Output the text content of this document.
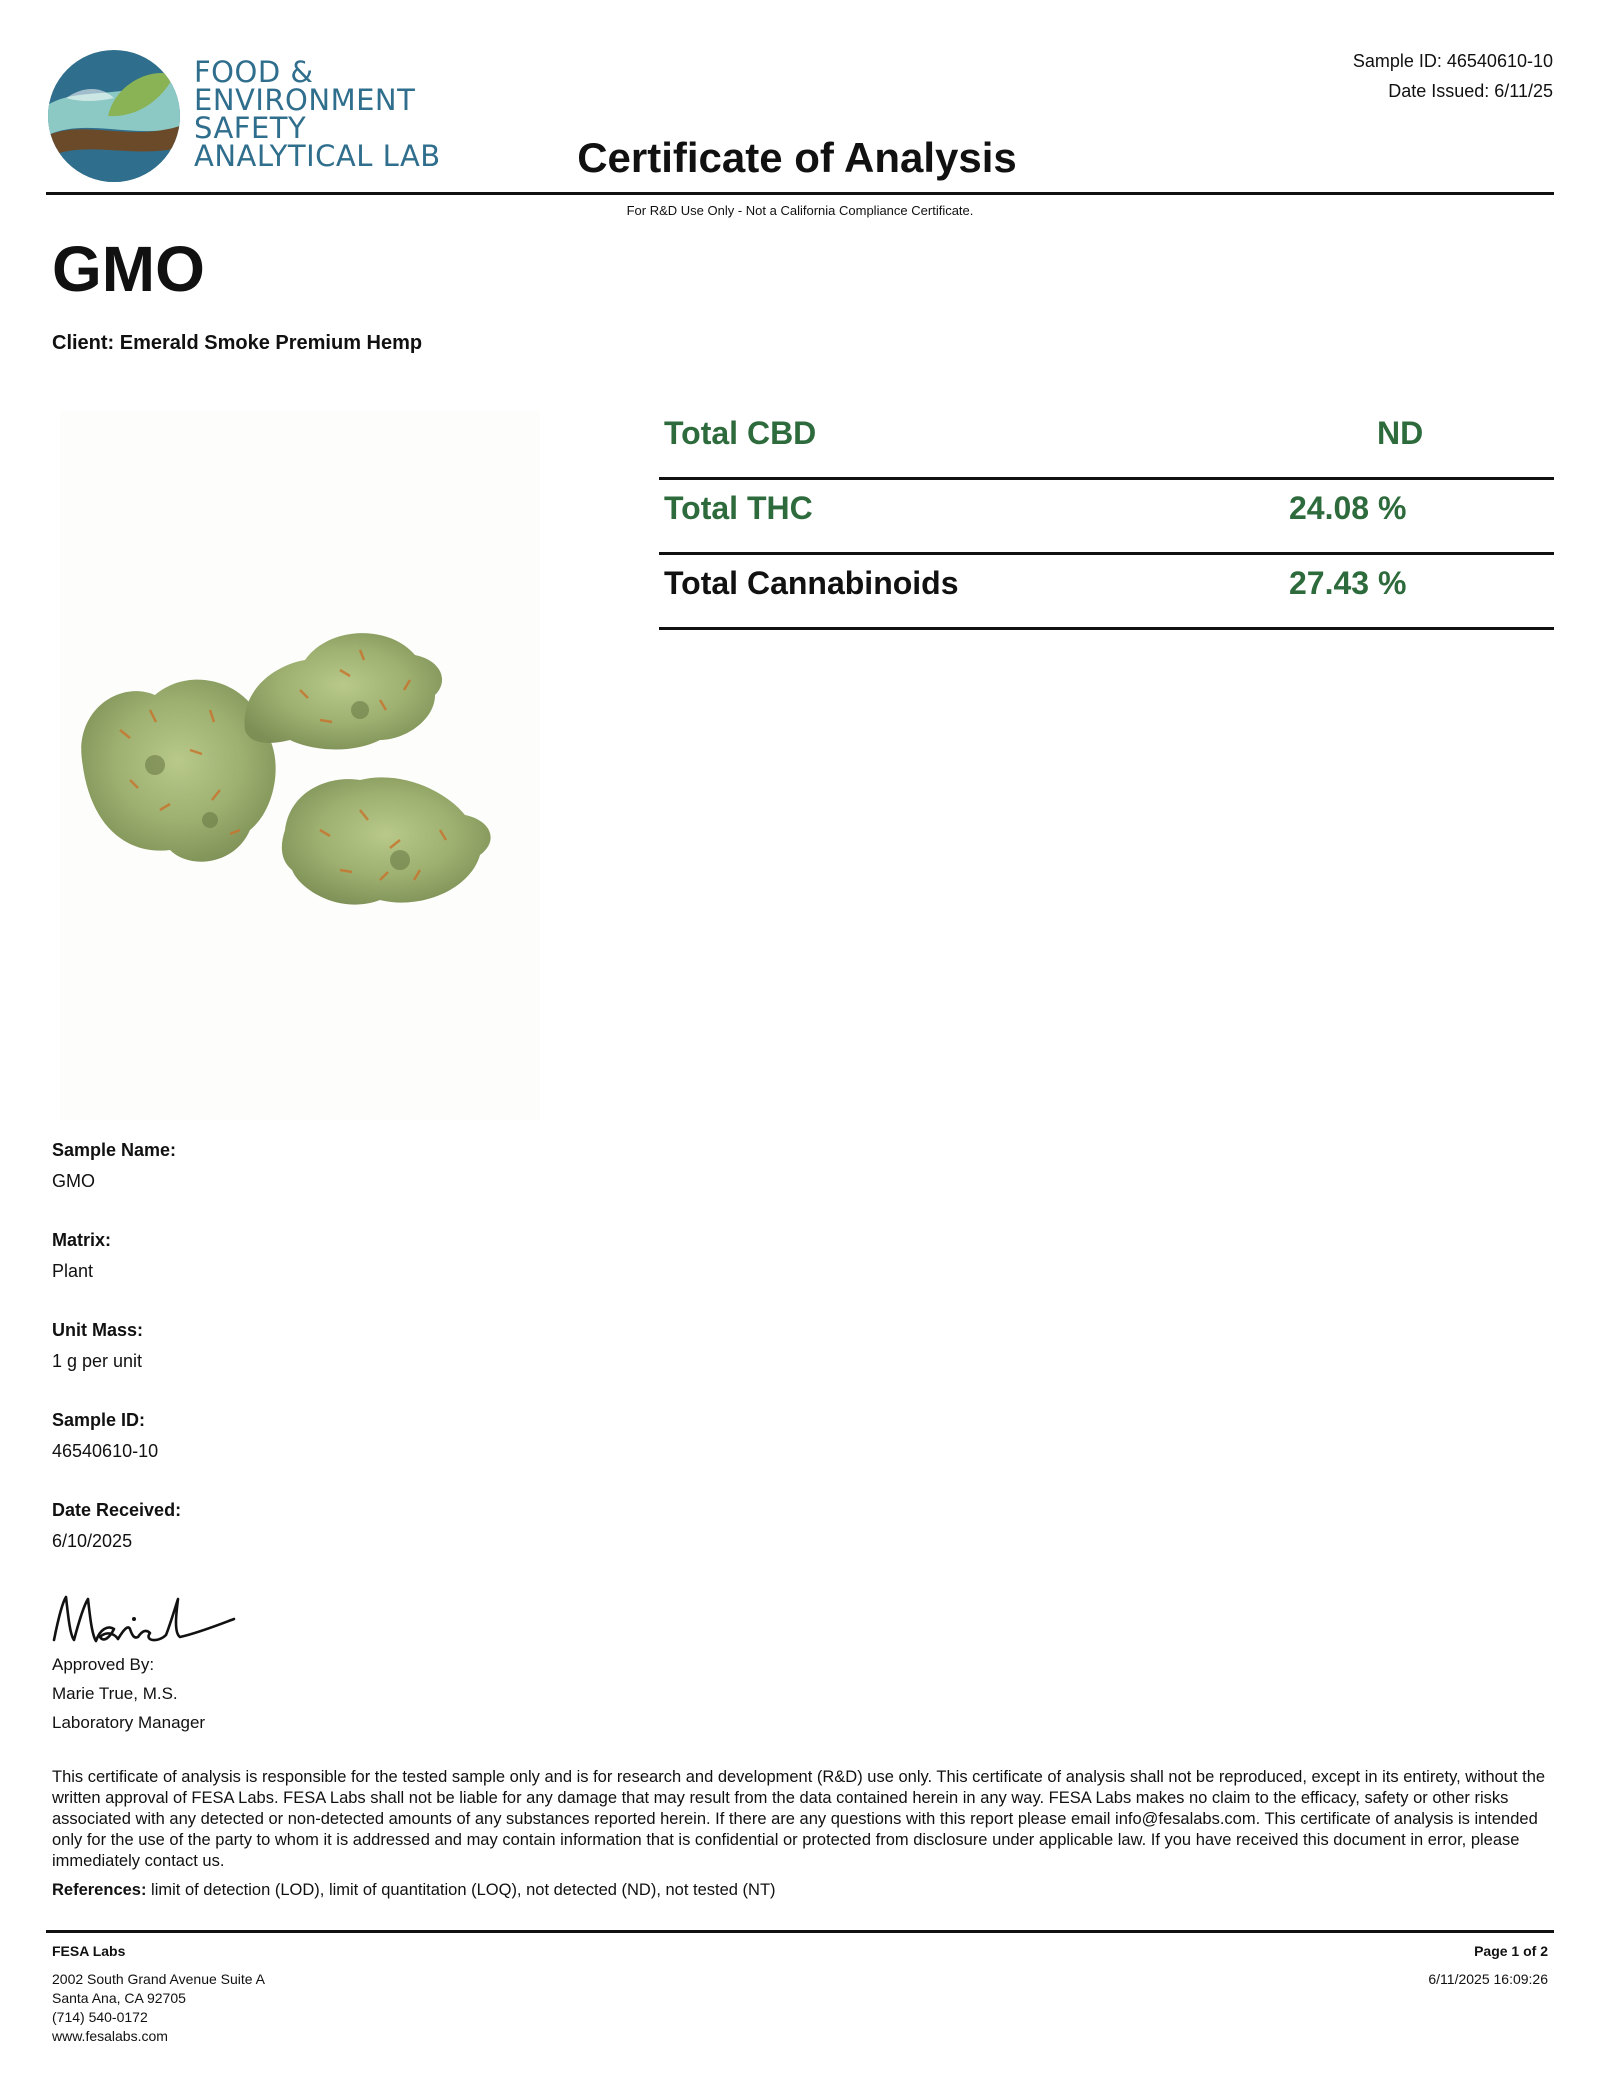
FOOD &
ENVIRONMENT
SAFETY
ANALYTICAL LAB
Sample ID: 46540610-10
Date Issued: 6/11/25
Certificate of Analysis
For R&D Use Only - Not a California Compliance Certificate.
GMO
Client: Emerald Smoke Premium Hemp
Total CBD	ND
Total THC	24.08 %
Total Cannabinoids	27.43 %
Sample Name:
GMO
Matrix:
Plant
Unit Mass:
1 g per unit
Sample ID:
46540610-10
Date Received:
6/10/2025
Approved By:
Marie True, M.S.
Laboratory Manager
This certificate of analysis is responsible for the tested sample only and is for research and development (R&D) use only. This certificate of analysis shall not be reproduced, except in its entirety, without the written approval of FESA Labs. FESA Labs shall not be liable for any damage that may result from the data contained herein in any way. FESA Labs makes no claim to the efficacy, safety or other risks associated with any detected or non-detected amounts of any substances reported herein. If there are any questions with this report please email info@fesalabs.com. This certificate of analysis is intended only for the use of the party to whom it is addressed and may contain information that is confidential or protected from disclosure under applicable law. If you have received this document in error, please immediately contact us.
References: limit of detection (LOD), limit of quantitation (LOQ), not detected (ND), not tested (NT)
FESA Labs
2002 South Grand Avenue Suite A
Santa Ana, CA 92705
(714) 540-0172
www.fesalabs.com
Page 1 of 2
6/11/2025 16:09:26
